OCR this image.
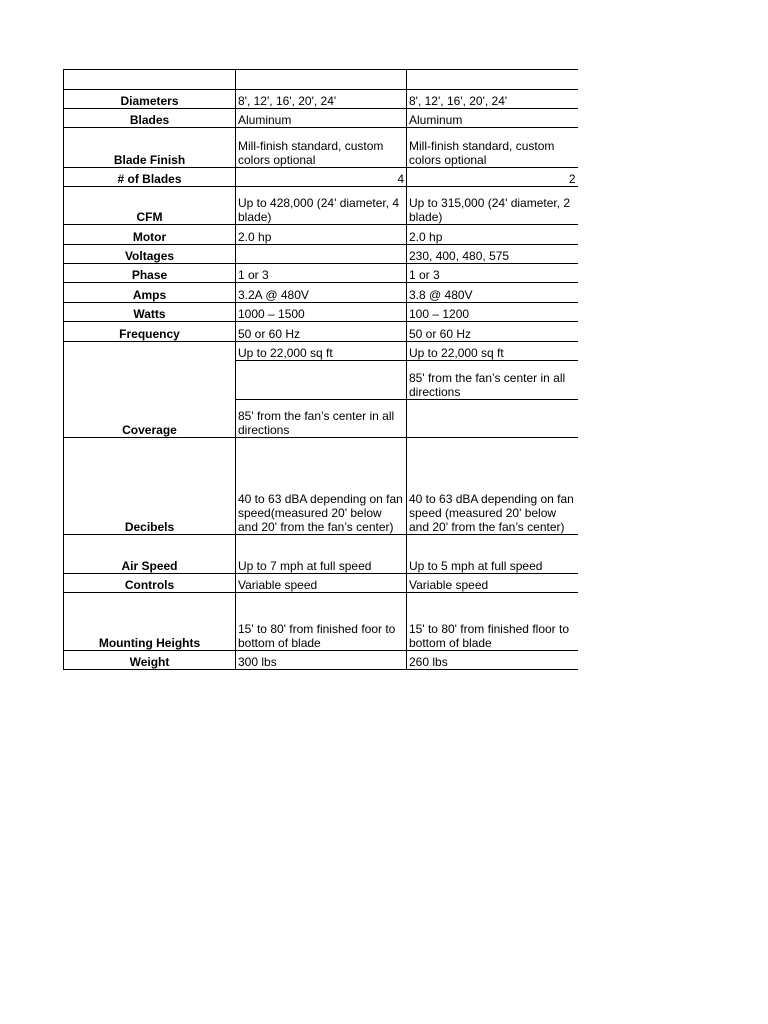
Diameters	8', 12', 16', 20', 24'	8', 12', 16', 20', 24'
Blades	Aluminum	Aluminum
Blade Finish	Mill-finish standard, custom colors optional	Mill-finish standard, custom colors optional
# of Blades	4	2
CFM	Up to 428,000 (24' diameter, 4 blade)	Up to 315,000 (24' diameter, 2 blade)
Motor	2.0 hp	2.0 hp
Voltages		230, 400, 480, 575
Phase	1 or 3	1 or 3
Amps	3.2A @ 480V	3.8 @ 480V
Watts	1000 – 1500	100 – 1200
Frequency	50 or 60 Hz	50 or 60 Hz
Coverage	Up to 22,000 sq ft	Up to 22,000 sq ft
		85' from the fan’s center in all directions
	85' from the fan’s center in all directions	
Decibels	40 to 63 dBA depending on fan speed(measured 20' below and 20' from the fan’s center)	40 to 63 dBA depending on fan speed (measured 20' below and 20' from the fan’s center)
Air Speed	Up to 7 mph at full speed	Up to 5 mph at full speed
Controls	Variable speed	Variable speed
Mounting Heights	15' to 80' from finished foor to bottom of blade	15' to 80' from finished floor to bottom of blade
Weight	300 lbs	260 lbs
